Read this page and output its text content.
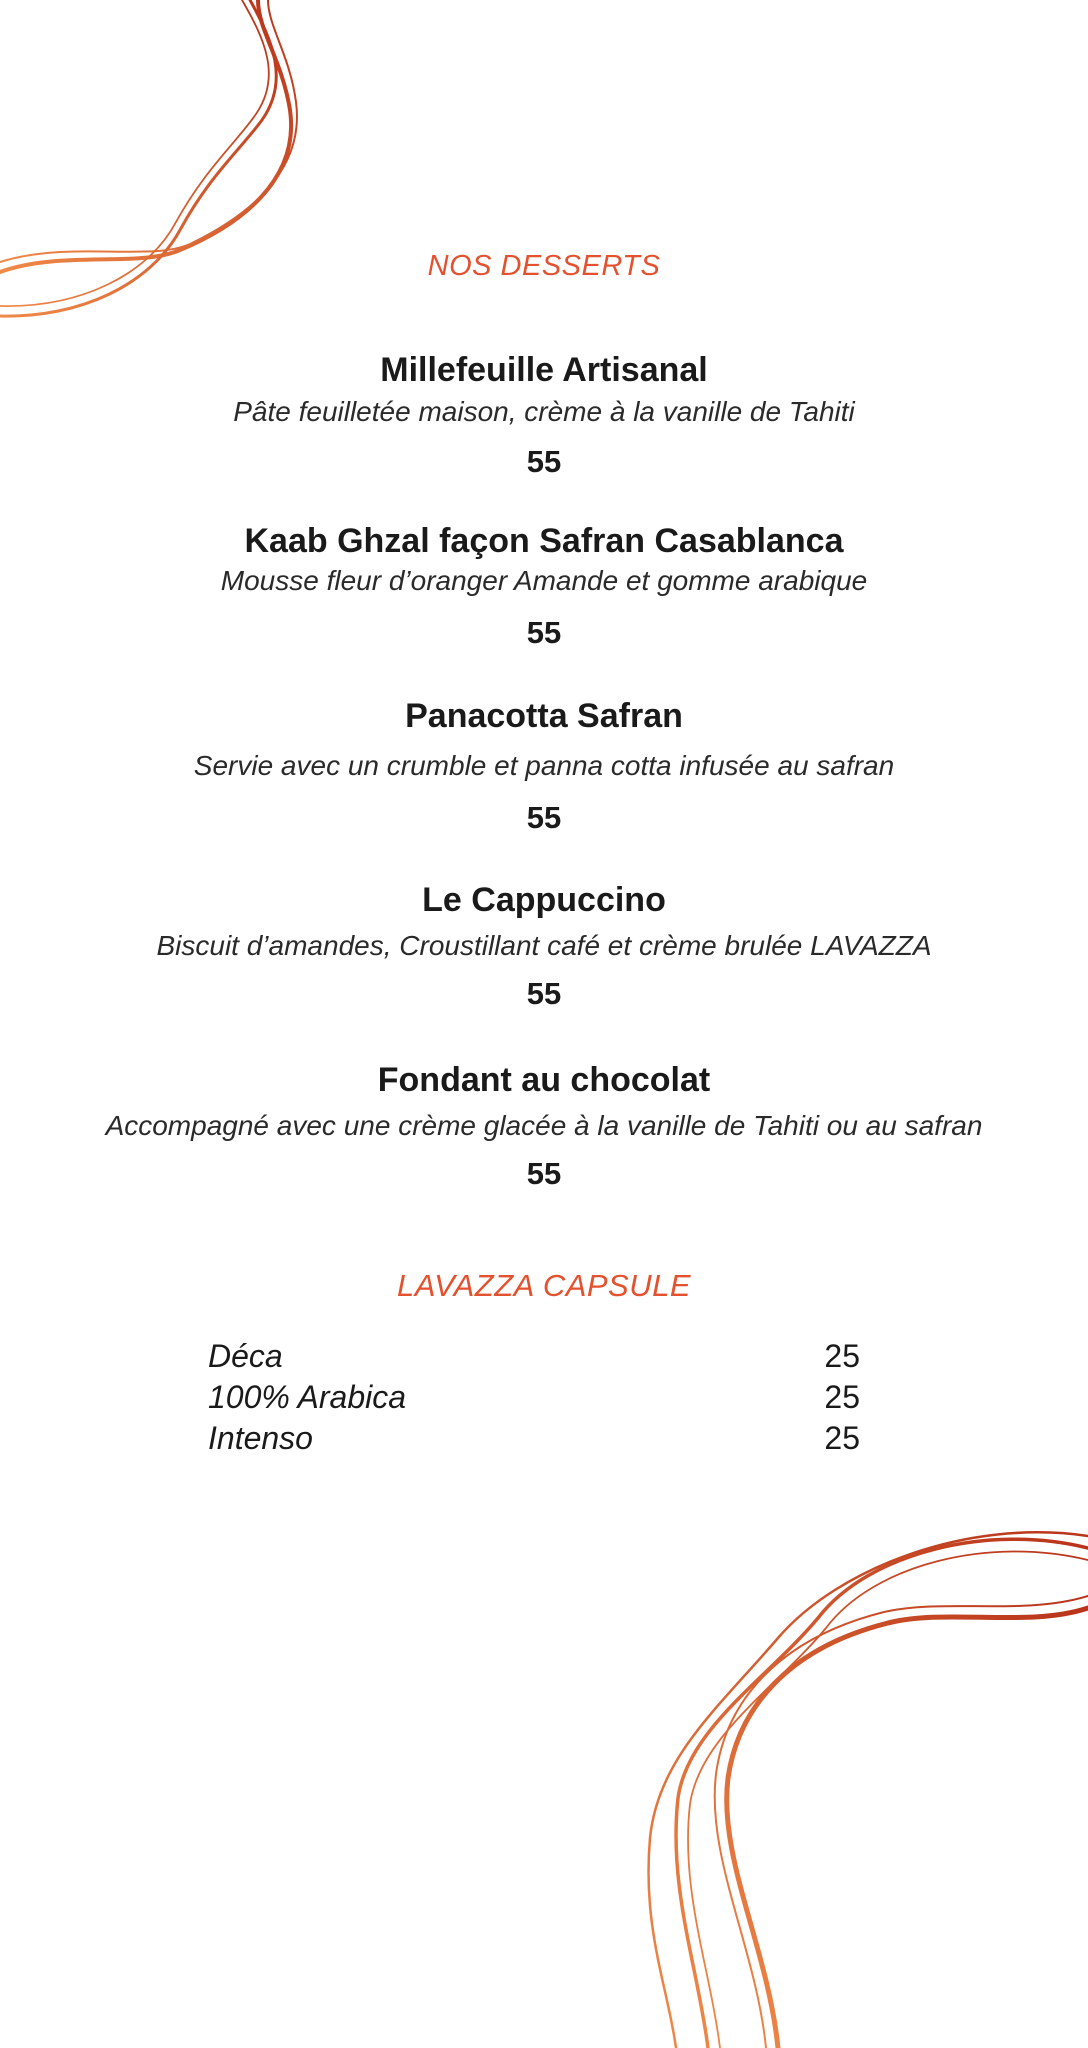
NOS DESSERTS
Millefeuille Artisanal
Pâte feuilletée maison, crème à la vanille de Tahiti
55
Kaab Ghzal façon Safran Casablanca
Mousse fleur d’oranger Amande et gomme arabique
55
Panacotta Safran
Servie avec un crumble et panna cotta infusée au safran
55
Le Cappuccino
Biscuit d’amandes, Croustillant café et crème brulée LAVAZZA
55
Fondant au chocolat
Accompagné avec une crème glacée à la vanille de Tahiti ou au safran
55
LAVAZZA CAPSULE
Déca	25
100% Arabica	25
Intenso	25
